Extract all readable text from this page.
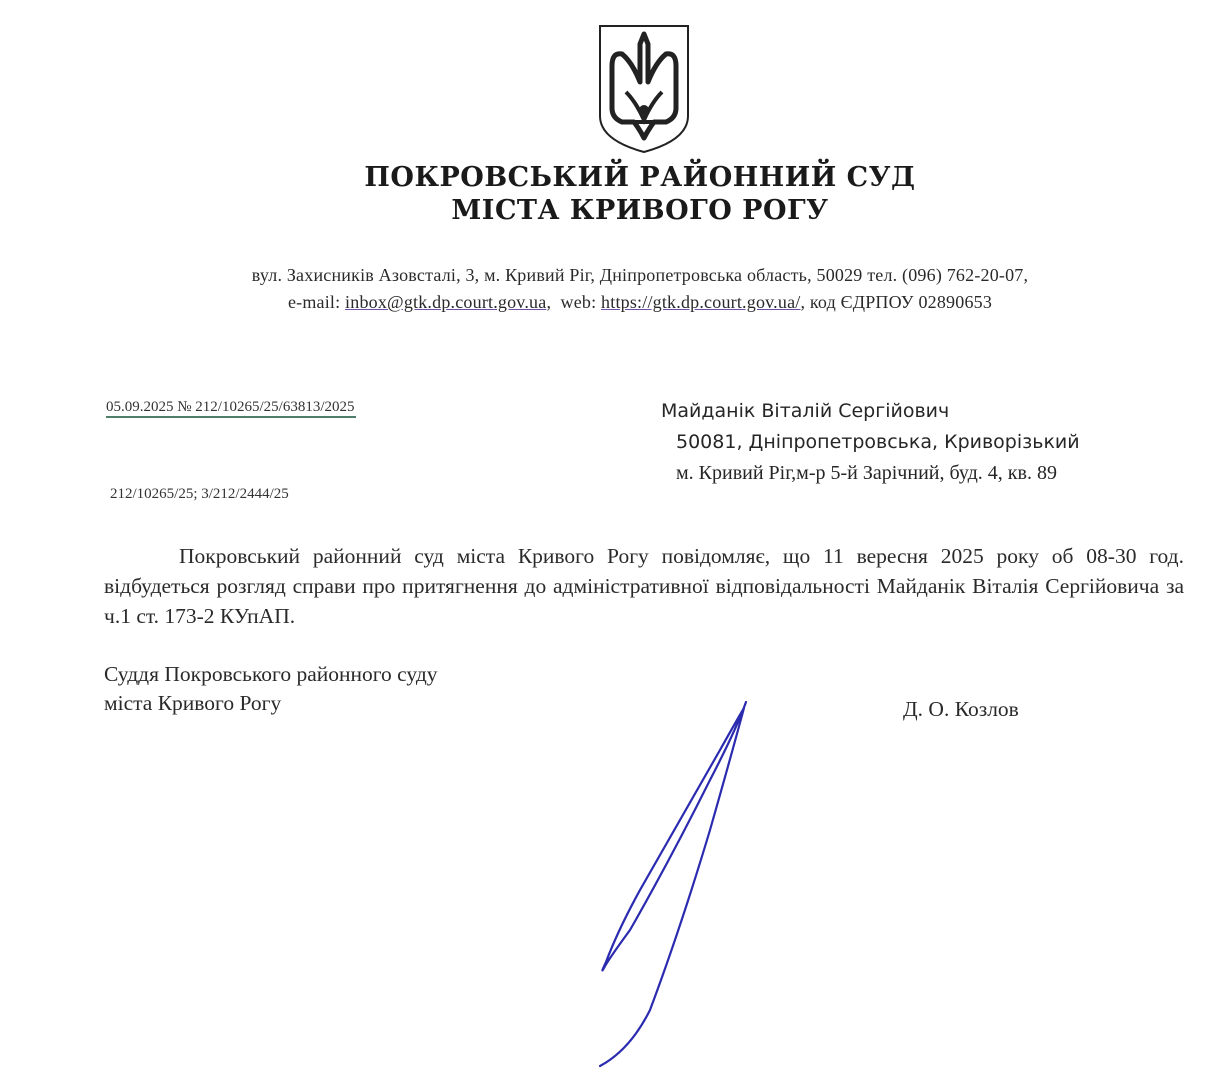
ПОКРОВСЬКИЙ РАЙОННИЙ СУД
МІСТА КРИВОГО РОГУ
вул. Захисників Азовсталі, 3, м. Кривий Ріг, Дніпропетровська область, 50029 тел. (096) 762-20-07,
e-mail: inbox@gtk.dp.court.gov.ua,  web: https://gtk.dp.court.gov.ua/, код ЄДРПОУ 02890653
05.09.2025 № 212/10265/25/63813/2025
212/10265/25; 3/212/2444/25
Майданік Віталій Сергійович
50081, Дніпропетровська, Криворізький
м. Кривий Ріг,м-р 5-й Зарічний, буд. 4, кв. 89
Покровський районний суд міста Кривого Рогу повідомляє, що 11 вересня 2025 року об 08-30 год. відбудеться розгляд справи про притягнення до адміністративної відповідальності Майданік Віталія Сергійовича за ч.1 ст. 173-2 КУпАП.
Суддя Покровського районного суду
міста Кривого Рогу	Д. О. Козлов
